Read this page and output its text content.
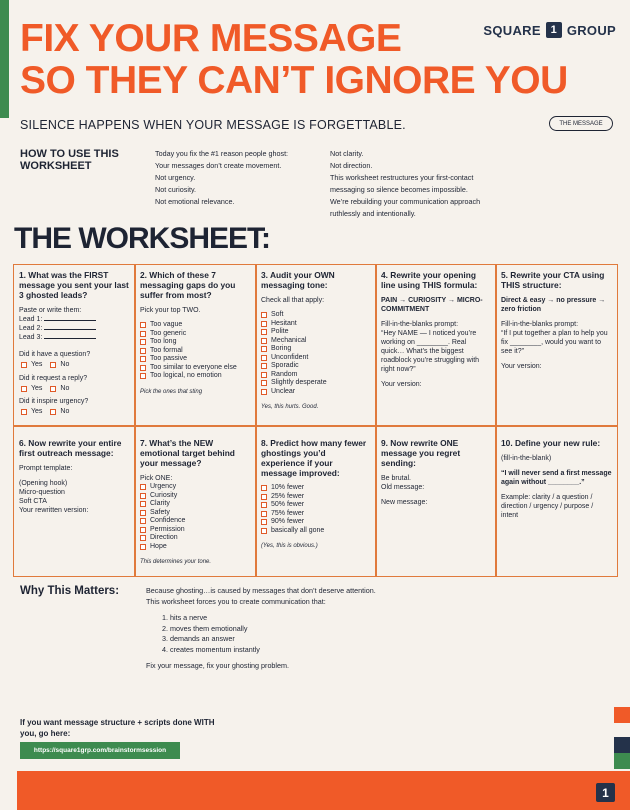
SQUARE 1 GROUP
FIX YOUR MESSAGE
SO THEY CAN’T IGNORE YOU
SILENCE HAPPENS WHEN YOUR MESSAGE IS FORGETTABLE.	THE MESSAGE
HOW TO USE THIS WORKSHEET
Today you fix the #1 reason people ghost:
Your messages don’t create movement.
Not urgency.
Not curiosity.
Not emotional relevance.
Not clarity.
Not direction.
This worksheet restructures your first-contact messaging so silence becomes impossible.
We’re rebuilding your communication approach ruthlessly and intentionally.
THE WORKSHEET:
1. What was the FIRST message you sent your last 3 ghosted leads?
Paste or write them:
Lead 1:
Lead 2:
Lead 3:
Did it have a question?
Yes	No
Did it request a reply?
Yes	No
Did it inspire urgency?
Yes	No
2. Which of these 7 messaging gaps do you suffer from most?
Pick your top TWO.
Too vague
Too generic
Too long
Too formal
Too passive
Too similar to everyone else
Too logical, no emotion
Pick the ones that sting
3. Audit your OWN messaging tone:
Check all that apply:
Soft
Hesitant
Polite
Mechanical
Boring
Unconfident
Sporadic
Random
Slightly desperate
Unclear
Yes, this hurts. Good.
4. Rewrite your opening line using THIS formula:
PAIN → CURIOSITY → MICRO-COMMITMENT
Fill-in-the-blanks prompt:
“Hey NAME — I noticed you’re working on ________. Real quick… What’s the biggest roadblock you’re struggling with right now?”
Your version:
5. Rewrite your CTA using THIS structure:
Direct & easy → no pressure → zero friction
Fill-in-the-blanks prompt:
“If I put together a plan to help you fix ________, would you want to see it?”
Your version:
6. Now rewrite your entire first outreach message:
Prompt template:
(Opening hook)
Micro-question
Soft CTA
Your rewritten version:
7. What’s the NEW emotional target behind your message?
Pick ONE:
Urgency
Curiosity
Clarity
Safety
Confidence
Permission
Direction
Hope
This determines your tone.
8. Predict how many fewer ghostings you’d experience if your message improved:
10% fewer
25% fewer
50% fewer
75% fewer
90% fewer
basically all gone
(Yes, this is obvious.)
9. Now rewrite ONE message you regret sending:
Be brutal.
Old message:
New message:
10. Define your new rule:
(fill-in-the-blank)
“I will never send a first message again without ________.”
Example: clarity / a question / direction / urgency / purpose / intent
Why This Matters:	Because ghosting…is caused by messages that don’t deserve attention.
This worksheet forces you to create communication that:
1. hits a nerve
2. moves them emotionally
3. demands an answer
4. creates momentum instantly
Fix your message, fix your ghosting problem.
If you want message structure + scripts done WITH you, go here:
https://square1grp.com/brainstormsession
1
